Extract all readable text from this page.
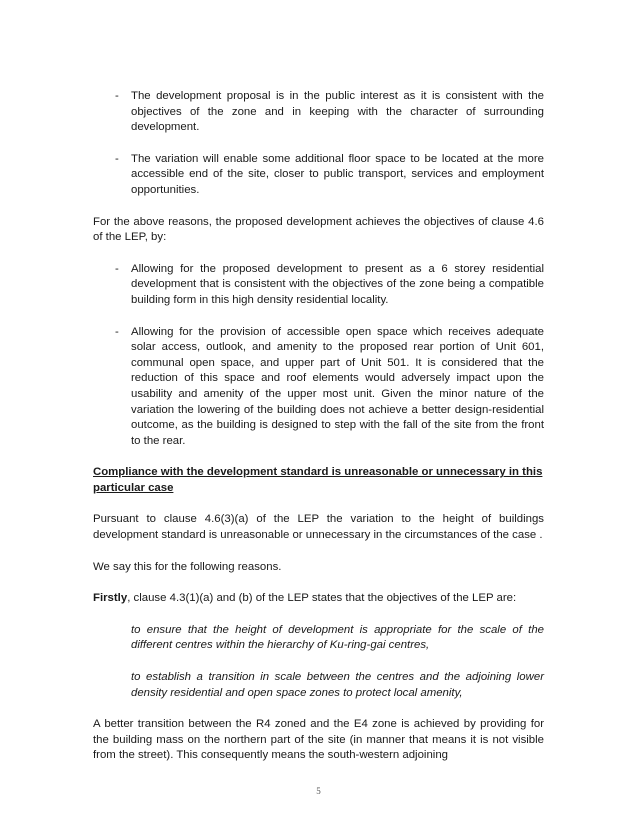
- The development proposal is in the public interest as it is consistent with the objectives of the zone and in keeping with the character of surrounding development.
- The variation will enable some additional floor space to be located at the more accessible end of the site, closer to public transport, services and employment opportunities.

For the above reasons, the proposed development achieves the objectives of clause 4.6 of the LEP, by:

- Allowing for the proposed development to present as a 6 storey residential development that is consistent with the objectives of the zone being a compatible building form in this high density residential locality.
- Allowing for the provision of accessible open space which receives adequate solar access, outlook, and amenity to the proposed rear portion of Unit 601, communal open space, and upper part of Unit 501. It is considered that the reduction of this space and roof elements would adversely impact upon the usability and amenity of the upper most unit. Given the minor nature of the variation the lowering of the building does not achieve a better design-residential outcome, as the building is designed to step with the fall of the site from the front to the rear.

Compliance with the development standard is unreasonable or unnecessary in this particular case

Pursuant to clause 4.6(3)(a) of the LEP the variation to the height of buildings development standard is unreasonable or unnecessary in the circumstances of the case .

We say this for the following reasons.

Firstly, clause 4.3(1)(a) and (b) of the LEP states that the objectives of the LEP are:

to ensure that the height of development is appropriate for the scale of the different centres within the hierarchy of Ku-ring-gai centres,

to establish a transition in scale between the centres and the adjoining lower density residential and open space zones to protect local amenity,

A better transition between the R4 zoned and the E4 zone is achieved by providing for the building mass on the northern part of the site (in manner that means it is not visible from the street). This consequently means the south-western adjoining

5
